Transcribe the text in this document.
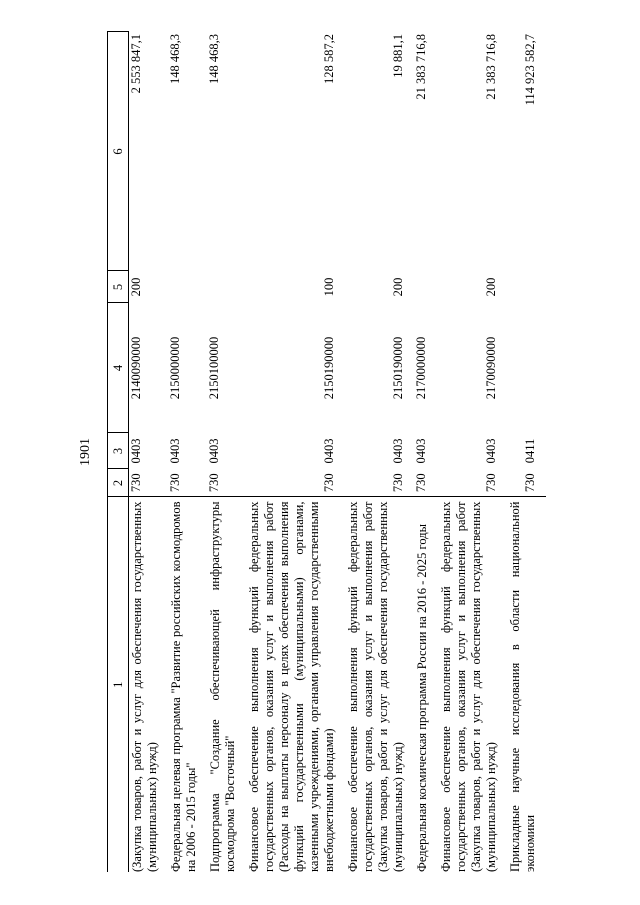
1901
1	2	3	4	5	6
(Закупка товаров, работ и услуг для обеспечения государственных (муниципальных) нужд)	730	0403	2140090000	200	2 553 847,1
Федеральная целевая программа "Развитие российских космодромов на 2006 - 2015 годы"	730	0403	2150000000		148 468,3
Подпрограмма "Создание обеспечивающей инфраструктуры космодрома "Восточный"	730	0403	2150100000		148 468,3
Финансовое обеспечение выполнения функций федеральных государственных органов, оказания услуг и выполнения работ (Расходы на выплаты персоналу в целях обеспечения выполнения функций государственными (муниципальными) органами, казенными учреждениями, органами управления государственными внебюджетными фондами)	730	0403	2150190000	100	128 587,2
Финансовое обеспечение выполнения функций федеральных государственных органов, оказания услуг и выполнения работ (Закупка товаров, работ и услуг для обеспечения государственных (муниципальных) нужд)	730	0403	2150190000	200	19 881,1
Федеральная космическая программа России на 2016 - 2025 годы	730	0403	2170000000		21 383 716,8
Финансовое обеспечение выполнения функций федеральных государственных органов, оказания услуг и выполнения работ (Закупка товаров, работ и услуг для обеспечения государственных (муниципальных) нужд)	730	0403	2170090000	200	21 383 716,8
Прикладные научные исследования в области национальной экономики	730	0411			114 923 582,7
